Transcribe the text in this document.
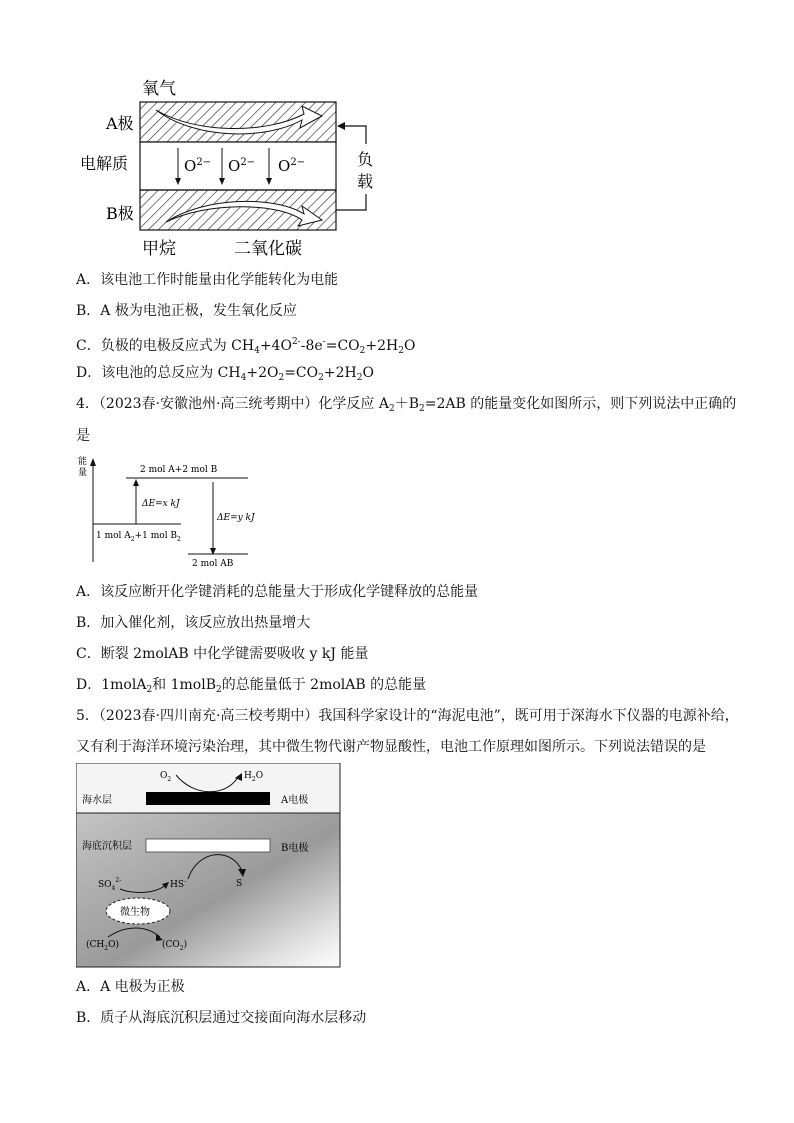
氧气
A极
电解质
B极
甲烷	二氧化碳
$O^{2-}$ $O^{2-}$ $O^{2-}$	负
载
A．该电池工作时能量由化学能转化为电能
B．A 极为电池正极，发生氧化反应
C．负极的电极反应式为 $CH_4+4O^{2-}-8e^-=CO_2+2H_2O$
D．该电池的总反应为 $CH_4+2O_2=CO_2+2H_2O$
4．（2023春·安徽池州·高三统考期中）化学反应 $A_2+B_2=2AB$ 的能量变化如图所示，则下列说法中正确的
是
能
量	2 mol A+2 mol B
1 mol $A_2+1$ mol $B_2$
2 mol AB
ΔE=x kJ
ΔE=y kJ
A．该反应断开化学键消耗的总能量大于形成化学键释放的总能量
B．加入催化剂，该反应放出热量增大
C．断裂 2molAB 中化学键需要吸收 y kJ 能量
D．1molA$_2$和 1molB$_2$的总能量低于 2molAB 的总能量
5．（2023春·四川南充·高三校考期中）我国科学家设计的“海泥电池”，既可用于深海水下仪器的电源补给，
又有利于海洋环境污染治理，其中微生物代谢产物显酸性，电池工作原理如图所示。下列说法错误的是
$O_2$	$H_2O$
海水层	A电极
海底沉积层	B电极
S
$SO_4^{2-}$	HS-
微生物
$(CH_2O)$	$(CO_2)$
A．A 电极为正极
B．质子从海底沉积层通过交接面向海水层移动
